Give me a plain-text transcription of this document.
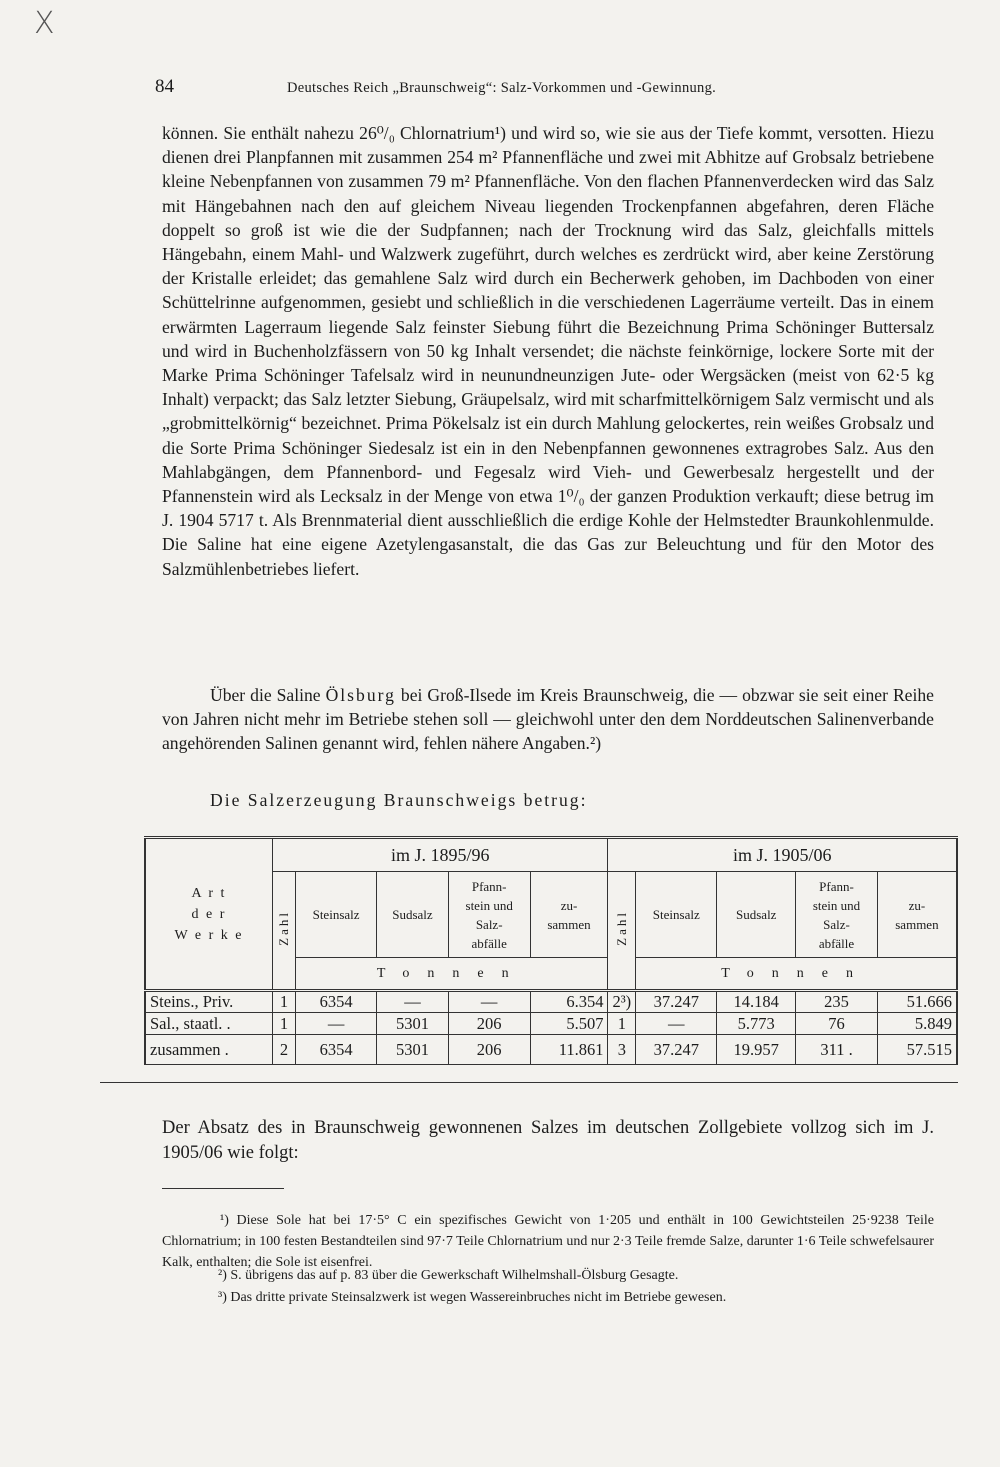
X
84	Deutsches Reich „Braunschweig“: Salz-Vorkommen und -Gewinnung.
können. Sie enthält nahezu 26⁰/₀ Chlornatrium¹) und wird so, wie sie aus der Tiefe kommt, versotten. Hiezu dienen drei Planpfannen mit zusammen 254 m² Pfannenfläche und zwei mit Abhitze auf Grobsalz betriebene kleine Nebenpfannen von zusammen 79 m² Pfannenfläche. Von den flachen Pfannenverdecken wird das Salz mit Hängebahnen nach den auf gleichem Niveau liegenden Trockenpfannen abgefahren, deren Fläche doppelt so groß ist wie die der Sudpfannen; nach der Trocknung wird das Salz, gleichfalls mittels Hängebahn, einem Mahl- und Walzwerk zugeführt, durch welches es zerdrückt wird, aber keine Zerstörung der Kristalle erleidet; das gemahlene Salz wird durch ein Becherwerk gehoben, im Dachboden von einer Schüttelrinne aufgenommen, gesiebt und schließlich in die verschiedenen Lagerräume verteilt. Das in einem erwärmten Lagerraum liegende Salz feinster Siebung führt die Bezeichnung Prima Schöninger Buttersalz und wird in Buchenholzfässern von 50 kg Inhalt versendet; die nächste feinkörnige, lockere Sorte mit der Marke Prima Schöninger Tafelsalz wird in neunundneunzigen Jute- oder Wergsäcken (meist von 62·5 kg Inhalt) verpackt; das Salz letzter Siebung, Gräupelsalz, wird mit scharfmittelkörnigem Salz vermischt und als „grobmittelkörnig“ bezeichnet. Prima Pökelsalz ist ein durch Mahlung gelockertes, rein weißes Grobsalz und die Sorte Prima Schöninger Siedesalz ist ein in den Nebenpfannen gewonnenes extragrobes Salz. Aus den Mahlabgängen, dem Pfannenbord- und Fegesalz wird Vieh- und Gewerbesalz hergestellt und der Pfannenstein wird als Lecksalz in der Menge von etwa 1⁰/₀ der ganzen Produktion verkauft; diese betrug im J. 1904 5717 t. Als Brennmaterial dient ausschließlich die erdige Kohle der Helmstedter Braunkohlenmulde. Die Saline hat eine eigene Azetylengasanstalt, die das Gas zur Beleuchtung und für den Motor des Salzmühlenbetriebes liefert.
Über die Saline Ölsburg bei Groß-Ilsede im Kreis Braunschweig, die — obzwar sie seit einer Reihe von Jahren nicht mehr im Betriebe stehen soll — gleichwohl unter den dem Norddeutschen Salinenverbande angehörenden Salinen genannt wird, fehlen nähere Angaben.²)
Die Salzerzeugung Braunschweigs betrug:
A r t
d e r
W e r k e	im J. 1895/96					im J. 1905/06				
	Zahl	Steinsalz	Sudsalz	Pfann-
stein und
Salz-
abfälle	zu-
sammen	Zahl	Steinsalz	Sudsalz	Pfann-
stein und
Salz-
abfälle	zu-
sammen

		Tonnen					Tonnen			
Steins., Priv.	1	6354	—	—	6.354	2³)	37.247	14.184	235	51.666
Sal., staatl. .	1	—	5301	206	5.507	1	—	5.773	76	5.849
zusammen .	2	6354	5301	206	11.861	3	37.247	19.957	311 .	57.515
Der Absatz des in Braunschweig gewonnenen Salzes im deutschen Zollgebiete vollzog sich im J. 1905/06 wie folgt:
¹) Diese Sole hat bei 17·5° C ein spezifisches Gewicht von 1·205 und enthält in 100 Gewichtsteilen 25·9238 Teile Chlornatrium; in 100 festen Bestandteilen sind 97·7 Teile Chlornatrium und nur 2·3 Teile fremde Salze, darunter 1·6 Teile schwefelsaurer Kalk, enthalten; die Sole ist eisenfrei.
²) S. übrigens das auf p. 83 über die Gewerkschaft Wilhelmshall-Ölsburg Gesagte.
³) Das dritte private Steinsalzwerk ist wegen Wassereinbruches nicht im Betriebe gewesen.
